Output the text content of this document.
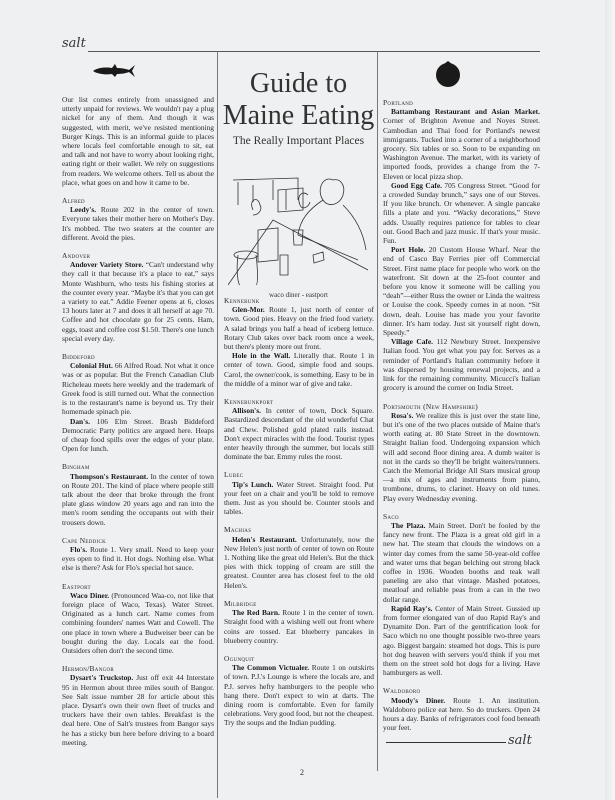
salt
Guide to
Maine Eating
The Really Important Places
waco diner - eastport

Our list comes entirely from unassigned and utterly unpaid for reviews. We wouldn't pay a plug nickel for any of them. And though it was suggested, with merit, we've resisted mentioning Burger Kings. This is an informal guide to places where locals feel comfortable enough to sit, eat and talk and not have to worry about looking right, eating right or their wallet. We rely on suggestions from readers. We welcome others. Tell us about the place, what goes on and how it came to be.

Alfred

Leedy's. Route 202 in the center of town. Everyone takes their mother here on Mother's Day. It's mobbed. The two seaters at the counter are different. Avoid the pies.

Andover

Andover Variety Store. “Can't understand why they call it that because it's a place to eat,” says Monte Washburn, who tests his fishing stories at the counter every year. “Maybe it's that you can get a variety to eat.” Addie Feener opens at 6, closes 13 hours later at 7 and does it all herself at age 70. Coffee and hot chocolate go for 25 cents. Ham, eggs, toast and coffee cost $1.50. There's one lunch special every day.

Biddeford

Colonial Hut. 66 Alfred Road. Not what it once was or as popular. But the French Canadian Club Richeleau meets here weekly and the trademark of Greek food is still turned out. What the connection is to the restaurant's name is beyond us. Try their homemade spinach pie.

Dan's. 106 Elm Street. Brash Biddeford Democratic Party politics are argued here. Heaps of cheap food spills over the edges of your plate. Open for lunch.

Bingham

Thompson's Restaurant. In the center of town on Route 201. The kind of place where people still talk about the deer that broke through the front plate glass window 20 years ago and ran into the men's room sending the occupants out with their trousers down.

Cape Neddick

Flo's. Route 1. Very small. Need to keep your eyes open to find it. Hot dogs. Nothing else. What else is there? Ask for Flo's special hot sauce.

Eastport

Waco Diner. (Pronounced Waa-co, not like that foreign place of Waco, Texas). Water Street. Originated as a lunch cart. Name comes from combining founders' names Watt and Cowell. The one place in town where a Budweiser beer can be bought during the day. Locals eat the food. Outsiders often don't the second time.

Hermon/Bangor

Dysart's Truckstop. Just off exit 44 Interstate 95 in Hermon about three miles south of Bangor. See Salt issue number 28 for article about this place. Dysart's own their own fleet of trucks and truckers have their own tables. Breakfast is the deal here. One of Salt's trustees from Bangor says he has a sticky bun here before driving to a board meeting.

Kennebunk

Glen-Mor. Route 1, just north of center of town. Good pies. Heavy on the fried food variety. A salad brings you half a head of iceberg lettuce. Rotary Club takes over back room once a week, but there's plenty more out front.

Hole in the Wall. Literally that. Route 1 in center of town. Good, simple food and soups. Carol, the owner/cook, is something. Easy to be in the middle of a minor war of give and take.

Kennebunkport

Allison's. In center of town, Dock Square. Bastardized descendant of the old wonderful Chat and Chew. Polished gold plated rails instead. Don't expect miracles with the food. Tourist types enter heavily through the summer, but locals still dominate the bar. Emmy rules the roost.

Lubec

Tip's Lunch. Water Street. Straight food. Put your feet on a chair and you'll be told to remove them. Just as you should be. Counter stools and tables.

Machias

Helen's Restaurant. Unfortunately, now the New Helen's just north of center of town on Route 1. Nothing like the great old Helen's. But the thick pies with thick topping of cream are still the greatest. Counter area has closest feel to the old Helen's.

Milbridge

The Red Barn. Route 1 in the center of town. Straight food with a wishing well out front where coins are tossed. Eat blueberry pancakes in blueberry country.

Ogunquit

The Common Victualer. Route 1 on outskirts of town. P.J.'s Lounge is where the locals are, and P.J. serves hefty hamburgers to the people who hang there. Don't expect to win at darts. The dining room is comfortable. Even for family celebrations. Very good food, but not the cheapest. Try the soups and the Indian pudding.

Portland

Battambang Restaurant and Asian Market. Corner of Brighton Avenue and Noyes Street. Cambodian and Thai food for Portland's newest immigrants. Tucked into a corner of a neighborhood grocery. Six tables or so. Soon to be expanding on Washington Avenue. The market, with its variety of imported foods, provides a change from the 7-Eleven or local pizza shop.

Good Egg Cafe. 705 Congress Street. “Good for a crowded Sunday brunch,” says one of our Steves. If you like brunch. Or whenever. A single pancake fills a plate and you. “Wacky decorations,” Steve adds. Usually requires patience for tables to clear out. Good Bach and jazz music. If that's your music. Fun.

Port Hole. 20 Custom House Wharf. Near the end of Casco Bay Ferries pier off Commercial Street. First name place for people who work on the waterfront. Sit down at the 25-foot counter and before you know it someone will be calling you “deah”—either Russ the owner or Linda the waitress or Louise the cook. Speedy comes in at noon. “Sit down, deah. Louise has made you your favorite dinner. It's ham today. Just sit yourself right down, Speedy.”

Village Cafe. 112 Newbury Street. Inexpensive Italian food. You get what you pay for. Serves as a reminder of Portland's Italian community before it was dispersed by housing renewal projects, and a link for the remaining community. Micucci's Italian grocery is around the corner on India Street.

Portsmouth (New Hampshire)

Rosa's. We realize this is just over the state line, but it's one of the two places outside of Maine that's worth eating at. 80 State Street in the downtown. Straight Italian food. Undergoing expansion which will add second floor dining area. A dumb waiter is not in the cards so they'll be bright waiters/runners. Catch the Memorial Bridge All Stars musical group—a mix of ages and instruments from piano, trombone, drums, to clarinet. Heavy on old tunes. Play every Wednesday evening.

Saco

The Plaza. Main Street. Don't be fooled by the fancy new front. The Plaza is a great old girl in a new hat. The steam that clouds the windows on a winter day comes from the same 50-year-old coffee and water urns that began belching out strong black coffee in 1936. Wooden booths and teak wall paneling are also that vintage. Mashed potatoes, meatloaf and reliable peas from a can in the two dollar range.

Rapid Ray's. Center of Main Street. Gussied up from former elongated van of duo Rapid Ray's and Dynamite Don. Part of the gentrification look for Saco which no one thought possible two-three years ago. Biggest bargain: steamed hot dogs. This is pure hot dog heaven with servers you'd think if you met them on the street sold hot dogs for a living. Have hamburgers as well.

Waldoboro

Moody's Diner. Route 1. An institution. Waldoboro police eat here. So do truckers. Open 24 hours a day. Banks of refrigerators cool food beneath your feet.

salt
2
